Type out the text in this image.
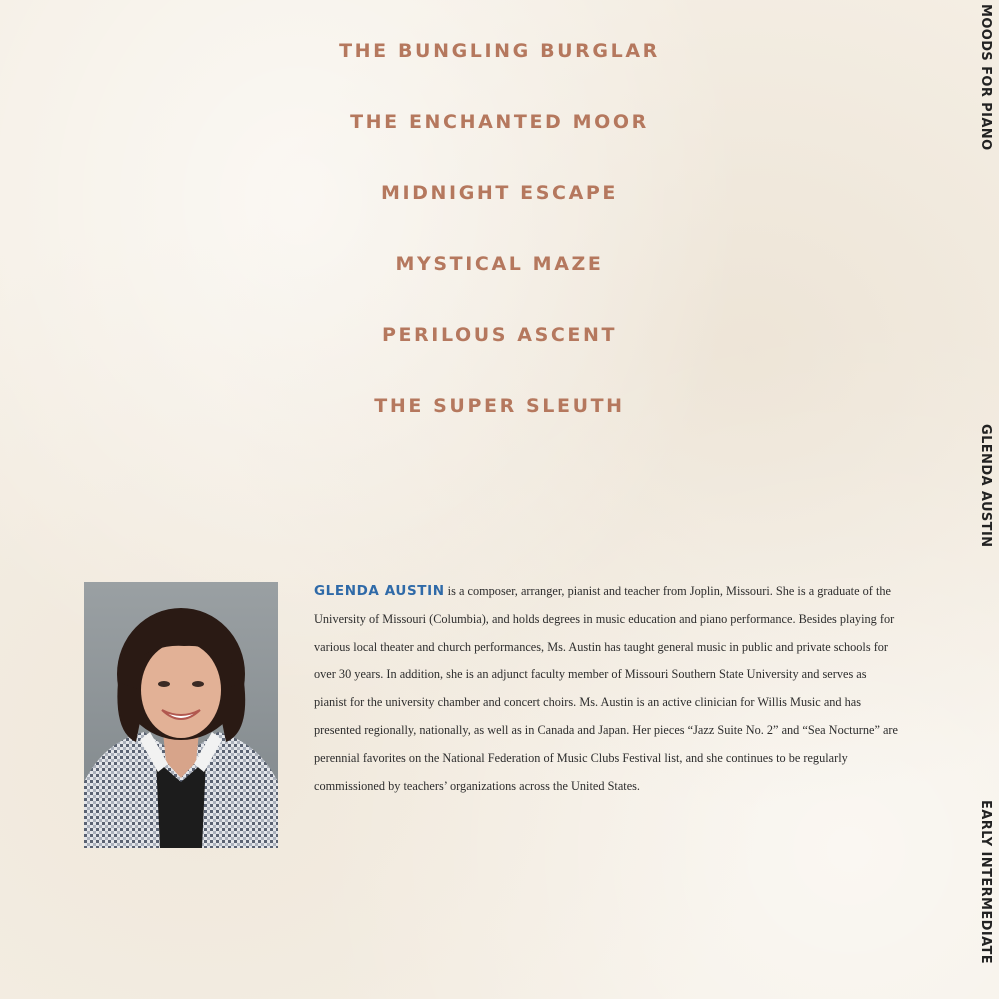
THE BUNGLING BURGLAR
THE ENCHANTED MOOR
MIDNIGHT ESCAPE
MYSTICAL MAZE
PERILOUS ASCENT
THE SUPER SLEUTH
MOODS FOR PIANO
GLENDA AUSTIN
EARLY INTERMEDIATE

GLENDA AUSTIN is a composer, arranger, pianist and teacher from Joplin, Missouri. She is a graduate of the University of Missouri (Columbia), and holds degrees in music education and piano performance. Besides playing for various local theater and church performances, Ms. Austin has taught general music in public and private schools for over 30 years. In addition, she is an adjunct faculty member of Missouri Southern State University and serves as pianist for the university chamber and concert choirs. Ms. Austin is an active clinician for Willis Music and has presented regionally, nationally, as well as in Canada and Japan. Her pieces “Jazz Suite No. 2” and “Sea Nocturne” are perennial favorites on the National Federation of Music Clubs Festival list, and she continues to be regularly commissioned by teachers’ organizations across the United States.
